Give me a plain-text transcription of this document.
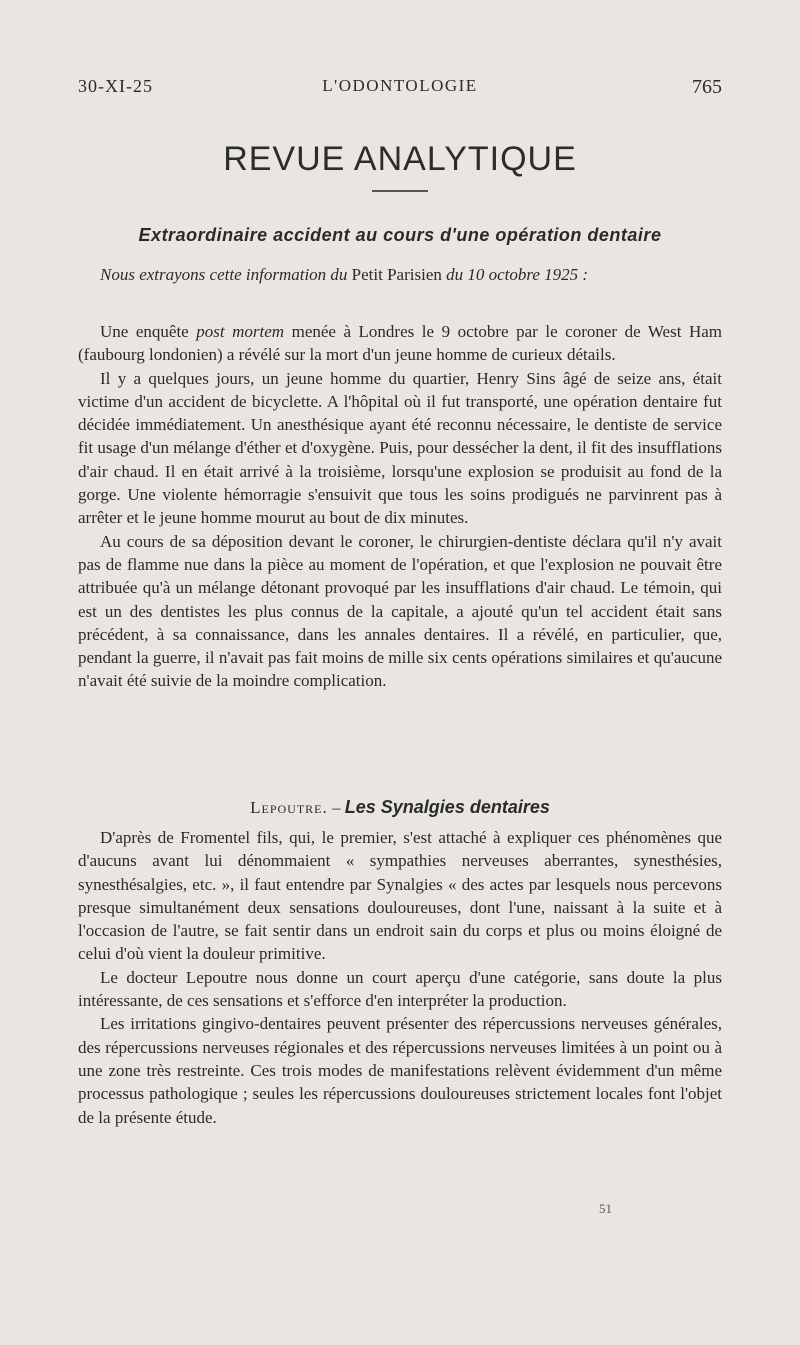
30-XI-25	L'ODONTOLOGIE	765
REVUE ANALYTIQUE
Extraordinaire accident au cours d'une opération dentaire

Nous extrayons cette information du Petit Parisien du 10 octobre 1925 :

Une enquête post mortem menée à Londres le 9 octobre par le coroner de West Ham (faubourg londonien) a révélé sur la mort d'un jeune homme de curieux détails.

Il y a quelques jours, un jeune homme du quartier, Henry Sins âgé de seize ans, était victime d'un accident de bicyclette. A l'hôpital où il fut transporté, une opération dentaire fut décidée immédiatement. Un anesthésique ayant été reconnu nécessaire, le dentiste de service fit usage d'un mélange d'éther et d'oxygène. Puis, pour dessécher la dent, il fit des insufflations d'air chaud. Il en était arrivé à la troisième, lorsqu'une explosion se produisit au fond de la gorge. Une violente hémorragie s'ensuivit que tous les soins prodigués ne parvinrent pas à arrêter et le jeune homme mourut au bout de dix minutes.

Au cours de sa déposition devant le coroner, le chirurgien-dentiste déclara qu'il n'y avait pas de flamme nue dans la pièce au moment de l'opération, et que l'explosion ne pouvait être attribuée qu'à un mélange détonant provoqué par les insufflations d'air chaud. Le témoin, qui est un des dentistes les plus connus de la capitale, a ajouté qu'un tel accident était sans précédent, à sa connaissance, dans les annales dentaires. Il a révélé, en particulier, que, pendant la guerre, il n'avait pas fait moins de mille six cents opérations similaires et qu'aucune n'avait été suivie de la moindre complication.

Lepoutre. – Les Synalgies dentaires

D'après de Fromentel fils, qui, le premier, s'est attaché à expliquer ces phénomènes que d'aucuns avant lui dénommaient « sympathies nerveuses aberrantes, synesthésies, synesthésalgies, etc. », il faut entendre par Synalgies « des actes par lesquels nous percevons presque simultanément deux sensations douloureuses, dont l'une, naissant à la suite et à l'occasion de l'autre, se fait sentir dans un endroit sain du corps et plus ou moins éloigné de celui d'où vient la douleur primitive.

Le docteur Lepoutre nous donne un court aperçu d'une catégorie, sans doute la plus intéressante, de ces sensations et s'efforce d'en interpréter la production.

Les irritations gingivo-dentaires peuvent présenter des répercussions nerveuses générales, des répercussions nerveuses régionales et des répercussions nerveuses limitées à un point ou à une zone très restreinte. Ces trois modes de manifestations relèvent évidemment d'un même processus pathologique ; seules les répercussions douloureuses strictement locales font l'objet de la présente étude.

51
